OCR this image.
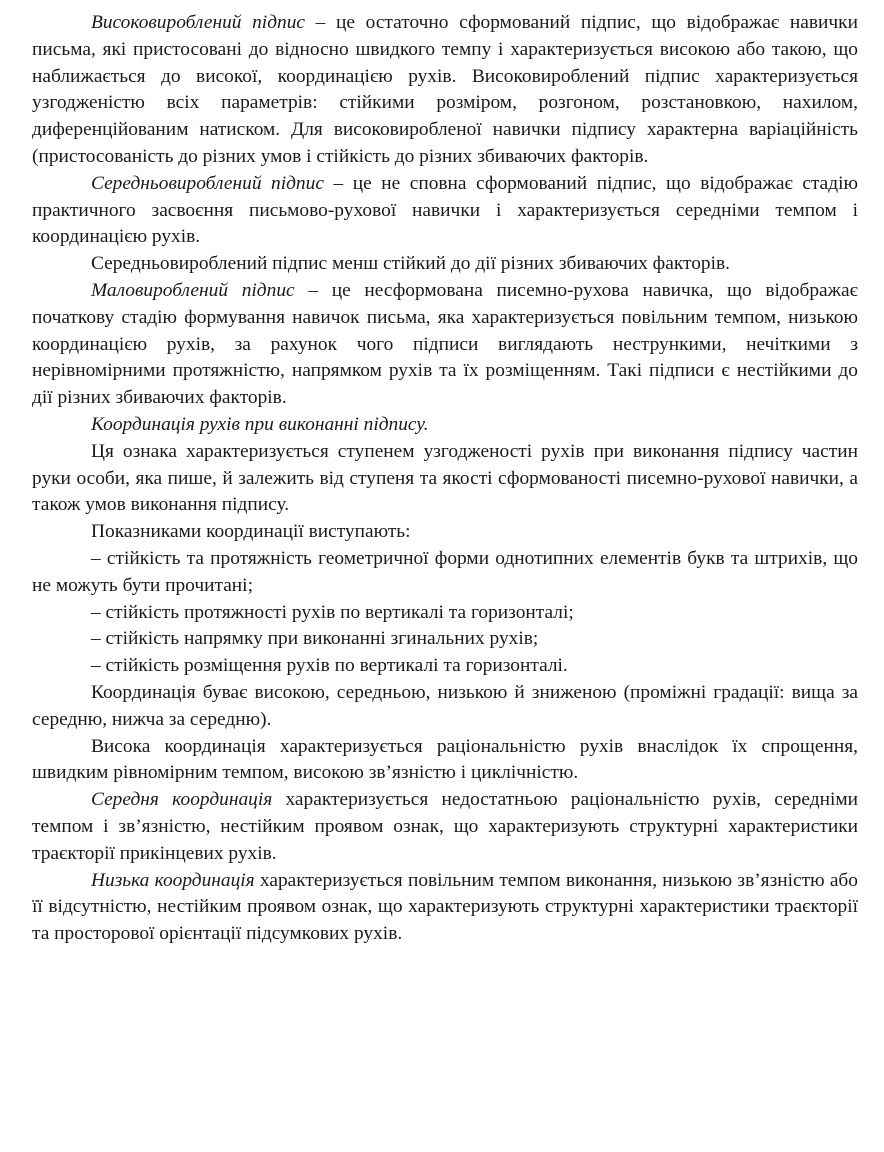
Високовироблений підпис – це остаточно сформований підпис, що відображає навички письма, які пристосовані до відносно швидкого темпу і характеризується високою або такою, що наближається до високої, координацією рухів. Високовироблений підпис характеризується узгодженістю всіх параметрів: стійкими розміром, розгоном, розстановкою, нахилом, диференційованим натиском. Для високовиробленої навички підпису характерна варіаційність (пристосованість до різних умов і стійкість до різних збиваючих факторів.

Середньовироблений підпис – це не сповна сформований підпис, що відображає стадію практичного засвоєння письмово-рухової навички і характеризується середніми темпом і координацією рухів.

Середньовироблений підпис менш стійкий до дії різних збиваючих факторів.

Маловироблений підпис – це несформована писемно-рухова навичка, що відображає початкову стадію формування навичок письма, яка характеризується повільним темпом, низькою координацією рухів, за рахунок чого підписи виглядають нестрункими, нечіткими з нерівномірними протяжністю, напрямком рухів та їх розміщенням. Такі підписи є нестійкими до дії різних збиваючих факторів.

Координація рухів при виконанні підпису.

Ця ознака характеризується ступенем узгодженості рухів при виконання підпису частин руки особи, яка пише, й залежить від ступеня та якості сформованості писемно-рухової навички, а також умов виконання підпису.

Показниками координації виступають:

– стійкість та протяжність геометричної форми однотипних елементів букв та штрихів, що не можуть бути прочитані;

– стійкість протяжності рухів по вертикалі та горизонталі;

– стійкість напрямку при виконанні згинальних рухів;

– стійкість розміщення рухів по вертикалі та горизонталі.

Координація буває високою, середньою, низькою й зниженою (проміжні градації: вища за середню, нижча за середню).

Висока координація характеризується раціональністю рухів внаслідок їх спрощення, швидким рівномірним темпом, високою зв’язністю і циклічністю.

Середня координація характеризується недостатньою раціональністю рухів, середніми темпом і зв’язністю, нестійким проявом ознак, що характеризують структурні характеристики траєкторії прикінцевих рухів.

Низька координація характеризується повільним темпом виконання, низькою зв’язністю або її відсутністю, нестійким проявом ознак, що характеризують структурні характеристики траєкторії та просторової орієнтації підсумкових рухів.
